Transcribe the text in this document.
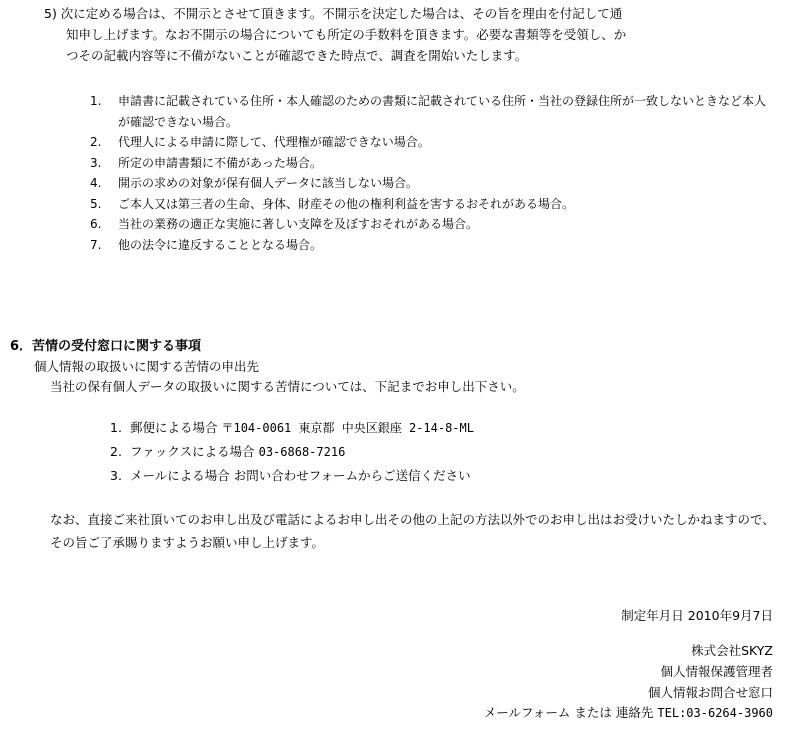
5) 次に定める場合は、不開示とさせて頂きます。不開示を決定した場合は、その旨を理由を付記して通
知申し上げます。なお不開示の場合についても所定の手数料を頂きます。必要な書類等を受領し、か
つその記載内容等に不備がないことが確認できた時点で、調査を開始いたします。
1.	申請書に記載されている住所・本人確認のための書類に記載されている住所・当社の登録住所が一致しないときなど本人が確認できない場合。
2.	代理人による申請に際して、代理権が確認できない場合。
3.	所定の申請書類に不備があった場合。
4.	開示の求めの対象が保有個人データに該当しない場合。
5.	ご本人又は第三者の生命、身体、財産その他の権利利益を害するおそれがある場合。
6.	当社の業務の適正な実施に著しい支障を及ぼすおそれがある場合。
7.	他の法令に違反することとなる場合。
6．苦情の受付窓口に関する事項
個人情報の取扱いに関する苦情の申出先
当社の保有個人データの取扱いに関する苦情については、下記までお申し出下さい。
1. 郵便による場合 〒104-0061 東京都 中央区銀座 2-14-8-ML
2. ファックスによる場合 03-6868-7216
3. メールによる場合 お問い合わせフォームからご送信ください
なお、直接ご来社頂いてのお申し出及び電話によるお申し出その他の上記の方法以外でのお申し出はお受けいたしかねますので、その旨ご了承賜りますようお願い申し上げます。
制定年月日 2010年9月7日
株式会社SKYZ
個人情報保護管理者
個人情報お問合せ窓口
メールフォーム または 連絡先 TEL:03-6264-3960
